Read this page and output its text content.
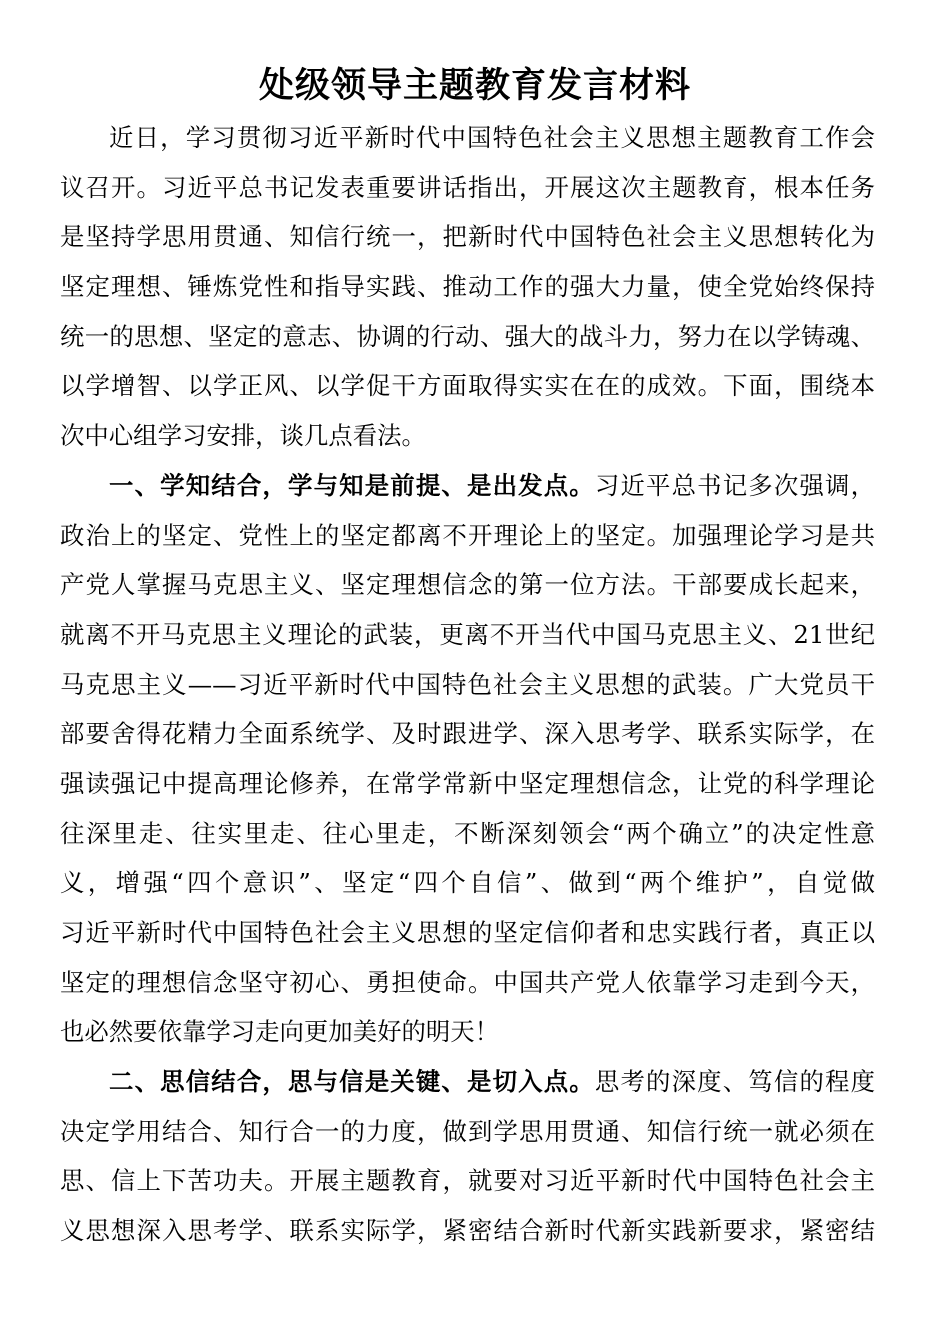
处级领导主题教育发言材料
近日，学习贯彻习近平新时代中国特色社会主义思想主题教育工作会
议召开。习近平总书记发表重要讲话指出，开展这次主题教育，根本任务
是坚持学思用贯通、知信行统一，把新时代中国特色社会主义思想转化为
坚定理想、锤炼党性和指导实践、推动工作的强大力量，使全党始终保持
统一的思想、坚定的意志、协调的行动、强大的战斗力，努力在以学铸魂、
以学增智、以学正风、以学促干方面取得实实在在的成效。下面，围绕本
次中心组学习安排，谈几点看法。
一、学知结合，学与知是前提、是出发点。习近平总书记多次强调，
政治上的坚定、党性上的坚定都离不开理论上的坚定。加强理论学习是共
产党人掌握马克思主义、坚定理想信念的第一位方法。干部要成长起来，
就离不开马克思主义理论的武装，更离不开当代中国马克思主义、21世纪
马克思主义——习近平新时代中国特色社会主义思想的武装。广大党员干
部要舍得花精力全面系统学、及时跟进学、深入思考学、联系实际学，在
强读强记中提高理论修养，在常学常新中坚定理想信念，让党的科学理论
往深里走、往实里走、往心里走，不断深刻领会“两个确立”的决定性意
义，增强“四个意识”、坚定“四个自信”、做到“两个维护”，自觉做
习近平新时代中国特色社会主义思想的坚定信仰者和忠实践行者，真正以
坚定的理想信念坚守初心、勇担使命。中国共产党人依靠学习走到今天，
也必然要依靠学习走向更加美好的明天！
二、思信结合，思与信是关键、是切入点。思考的深度、笃信的程度
决定学用结合、知行合一的力度，做到学思用贯通、知信行统一就必须在
思、信上下苦功夫。开展主题教育，就要对习近平新时代中国特色社会主
义思想深入思考学、联系实际学，紧密结合新时代新实践新要求，紧密结
